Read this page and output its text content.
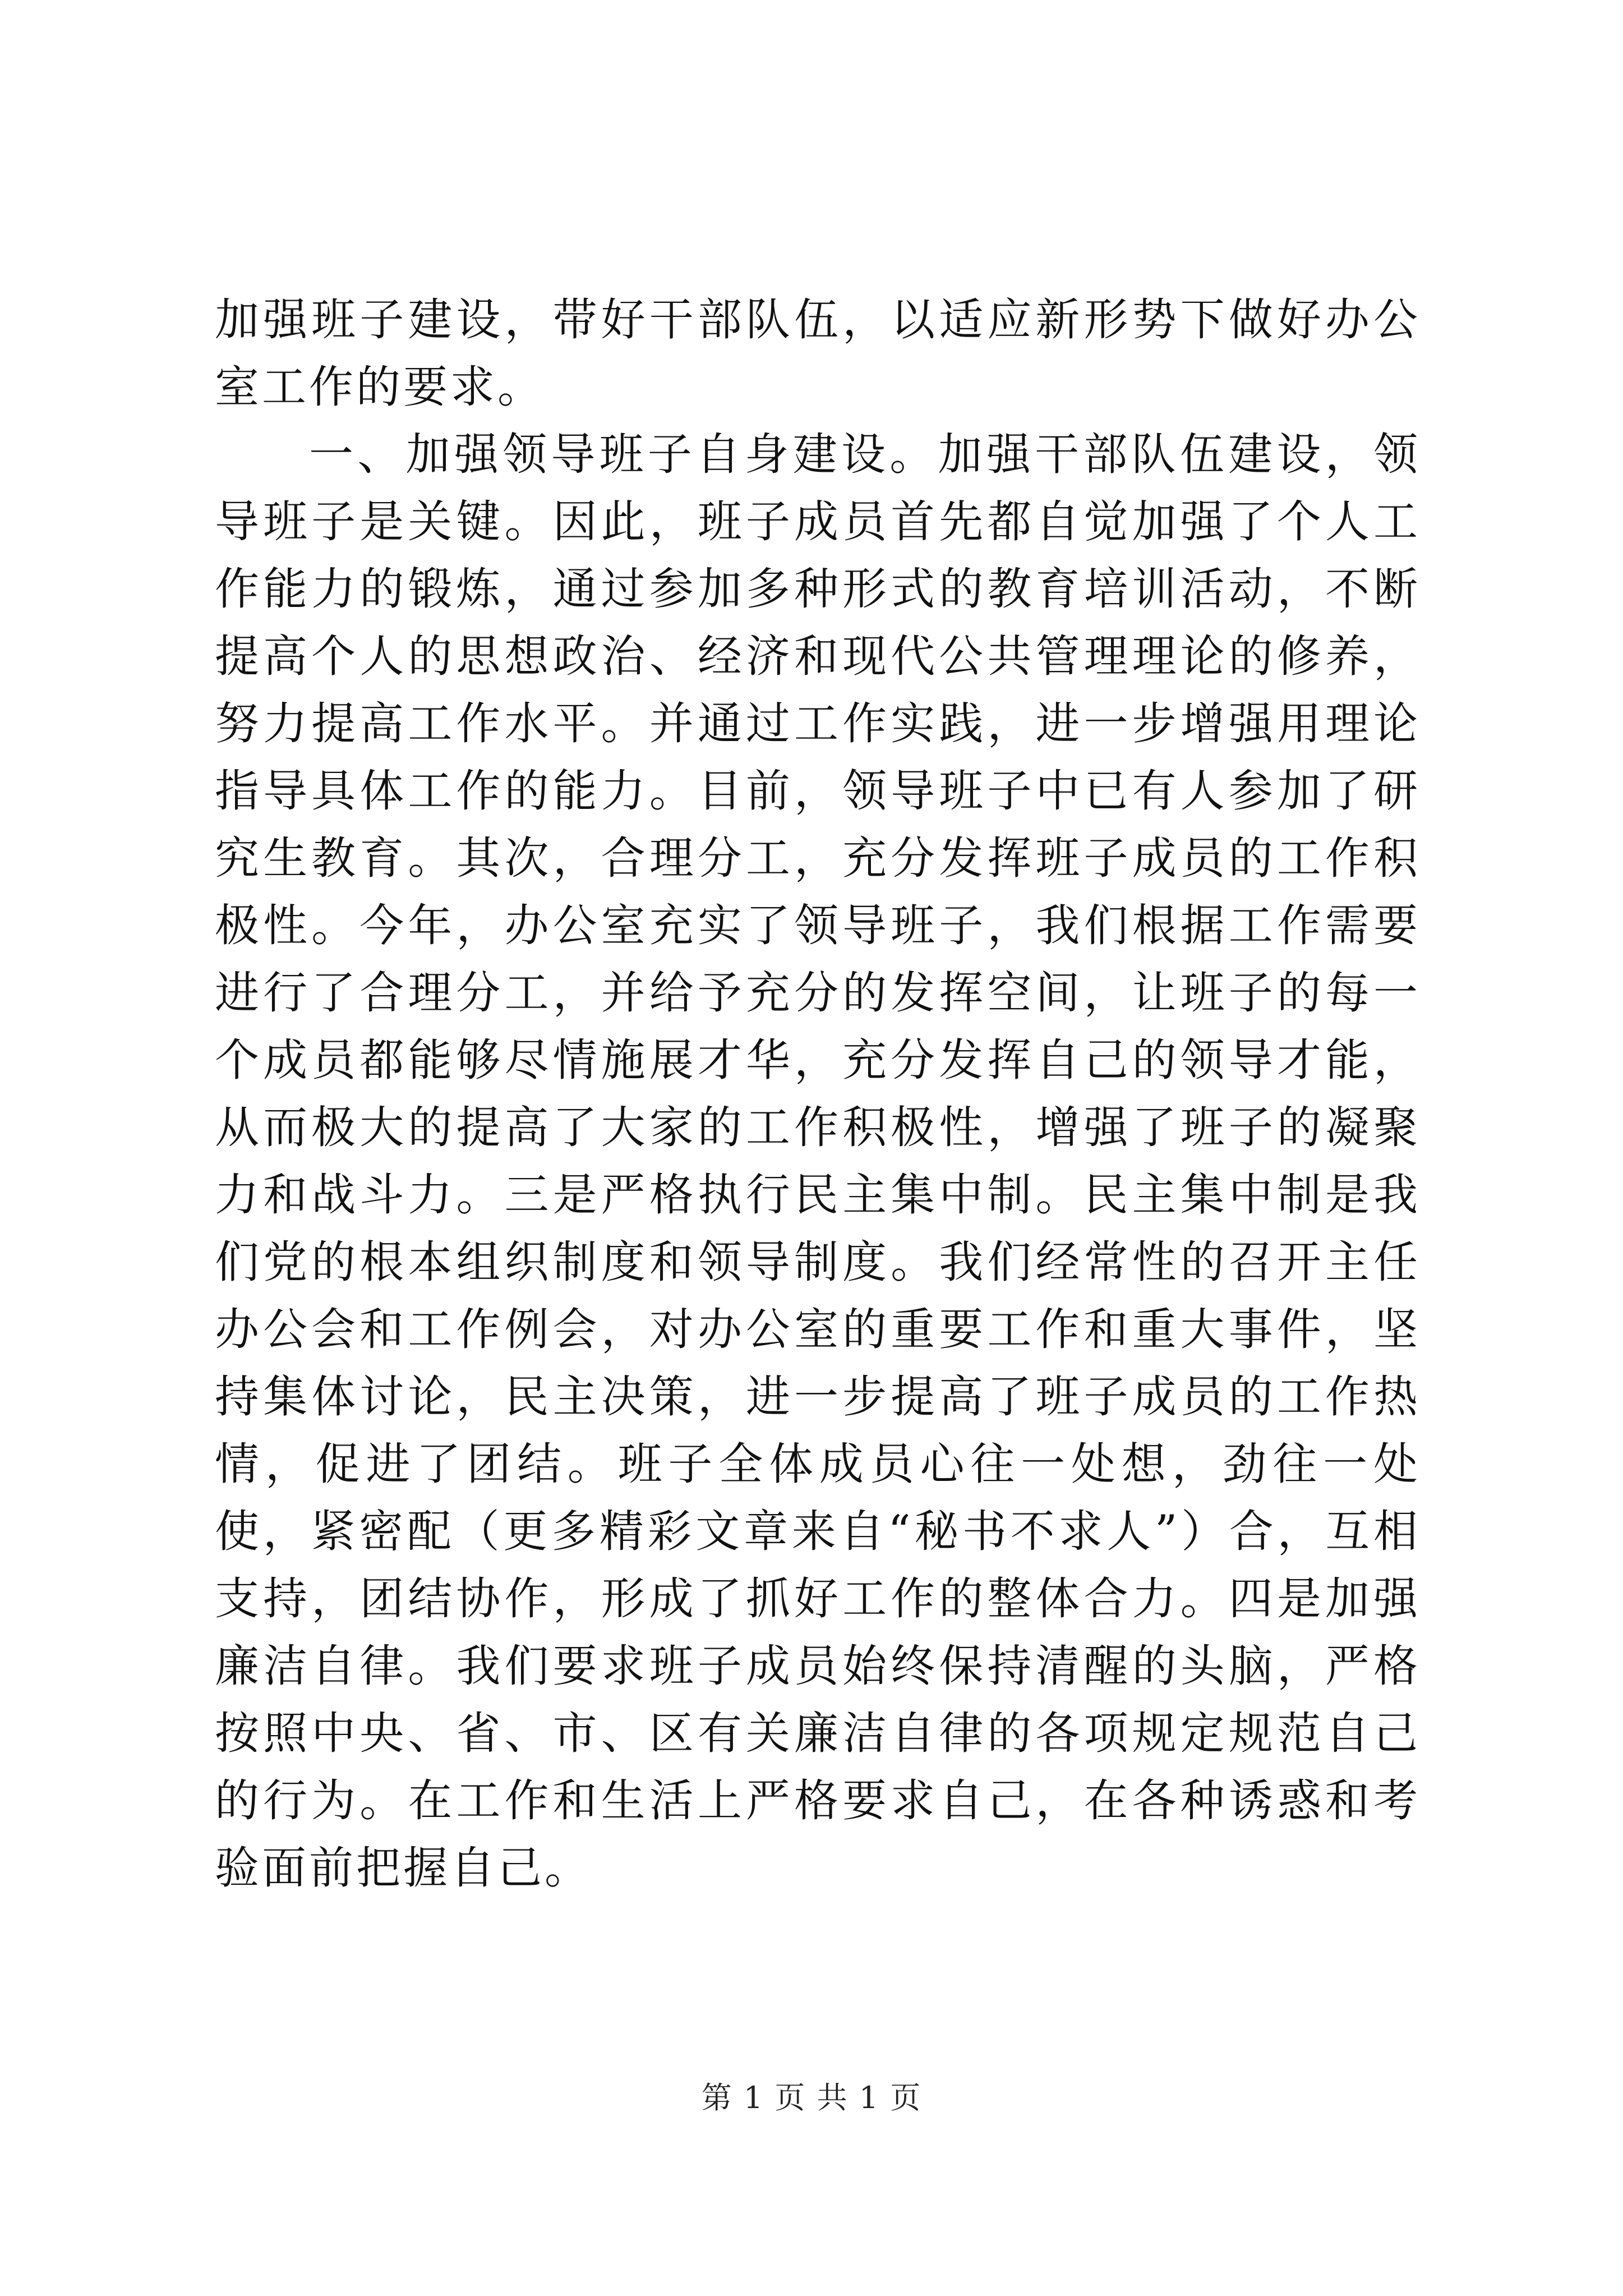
加强班子建设，带好干部队伍，以适应新形势下做好办公室工作的要求。

一、加强领导班子自身建设。加强干部队伍建设，领导班子是关键。因此，班子成员首先都自觉加强了个人工作能力的锻炼，通过参加多种形式的教育培训活动，不断提高个人的思想政治、经济和现代公共管理理论的修养，努力提高工作水平。并通过工作实践，进一步增强用理论指导具体工作的能力。目前，领导班子中已有人参加了研究生教育。其次，合理分工，充分发挥班子成员的工作积极性。今年，办公室充实了领导班子，我们根据工作需要进行了合理分工，并给予充分的发挥空间，让班子的每一个成员都能够尽情施展才华，充分发挥自己的领导才能，从而极大的提高了大家的工作积极性，增强了班子的凝聚力和战斗力。三是严格执行民主集中制。民主集中制是我们党的根本组织制度和领导制度。我们经常性的召开主任办公会和工作例会，对办公室的重要工作和重大事件，坚持集体讨论，民主决策，进一步提高了班子成员的工作热情，促进了团结。班子全体成员心往一处想，劲往一处使，紧密配（更多精彩文章来自“秘书不求人”）合，互相支持，团结协作，形成了抓好工作的整体合力。四是加强廉洁自律。我们要求班子成员始终保持清醒的头脑，严格按照中央、省、市、区有关廉洁自律的各项规定规范自己的行为。在工作和生活上严格要求自己，在各种诱惑和考验面前把握自己。

第 1 页 共 1 页
